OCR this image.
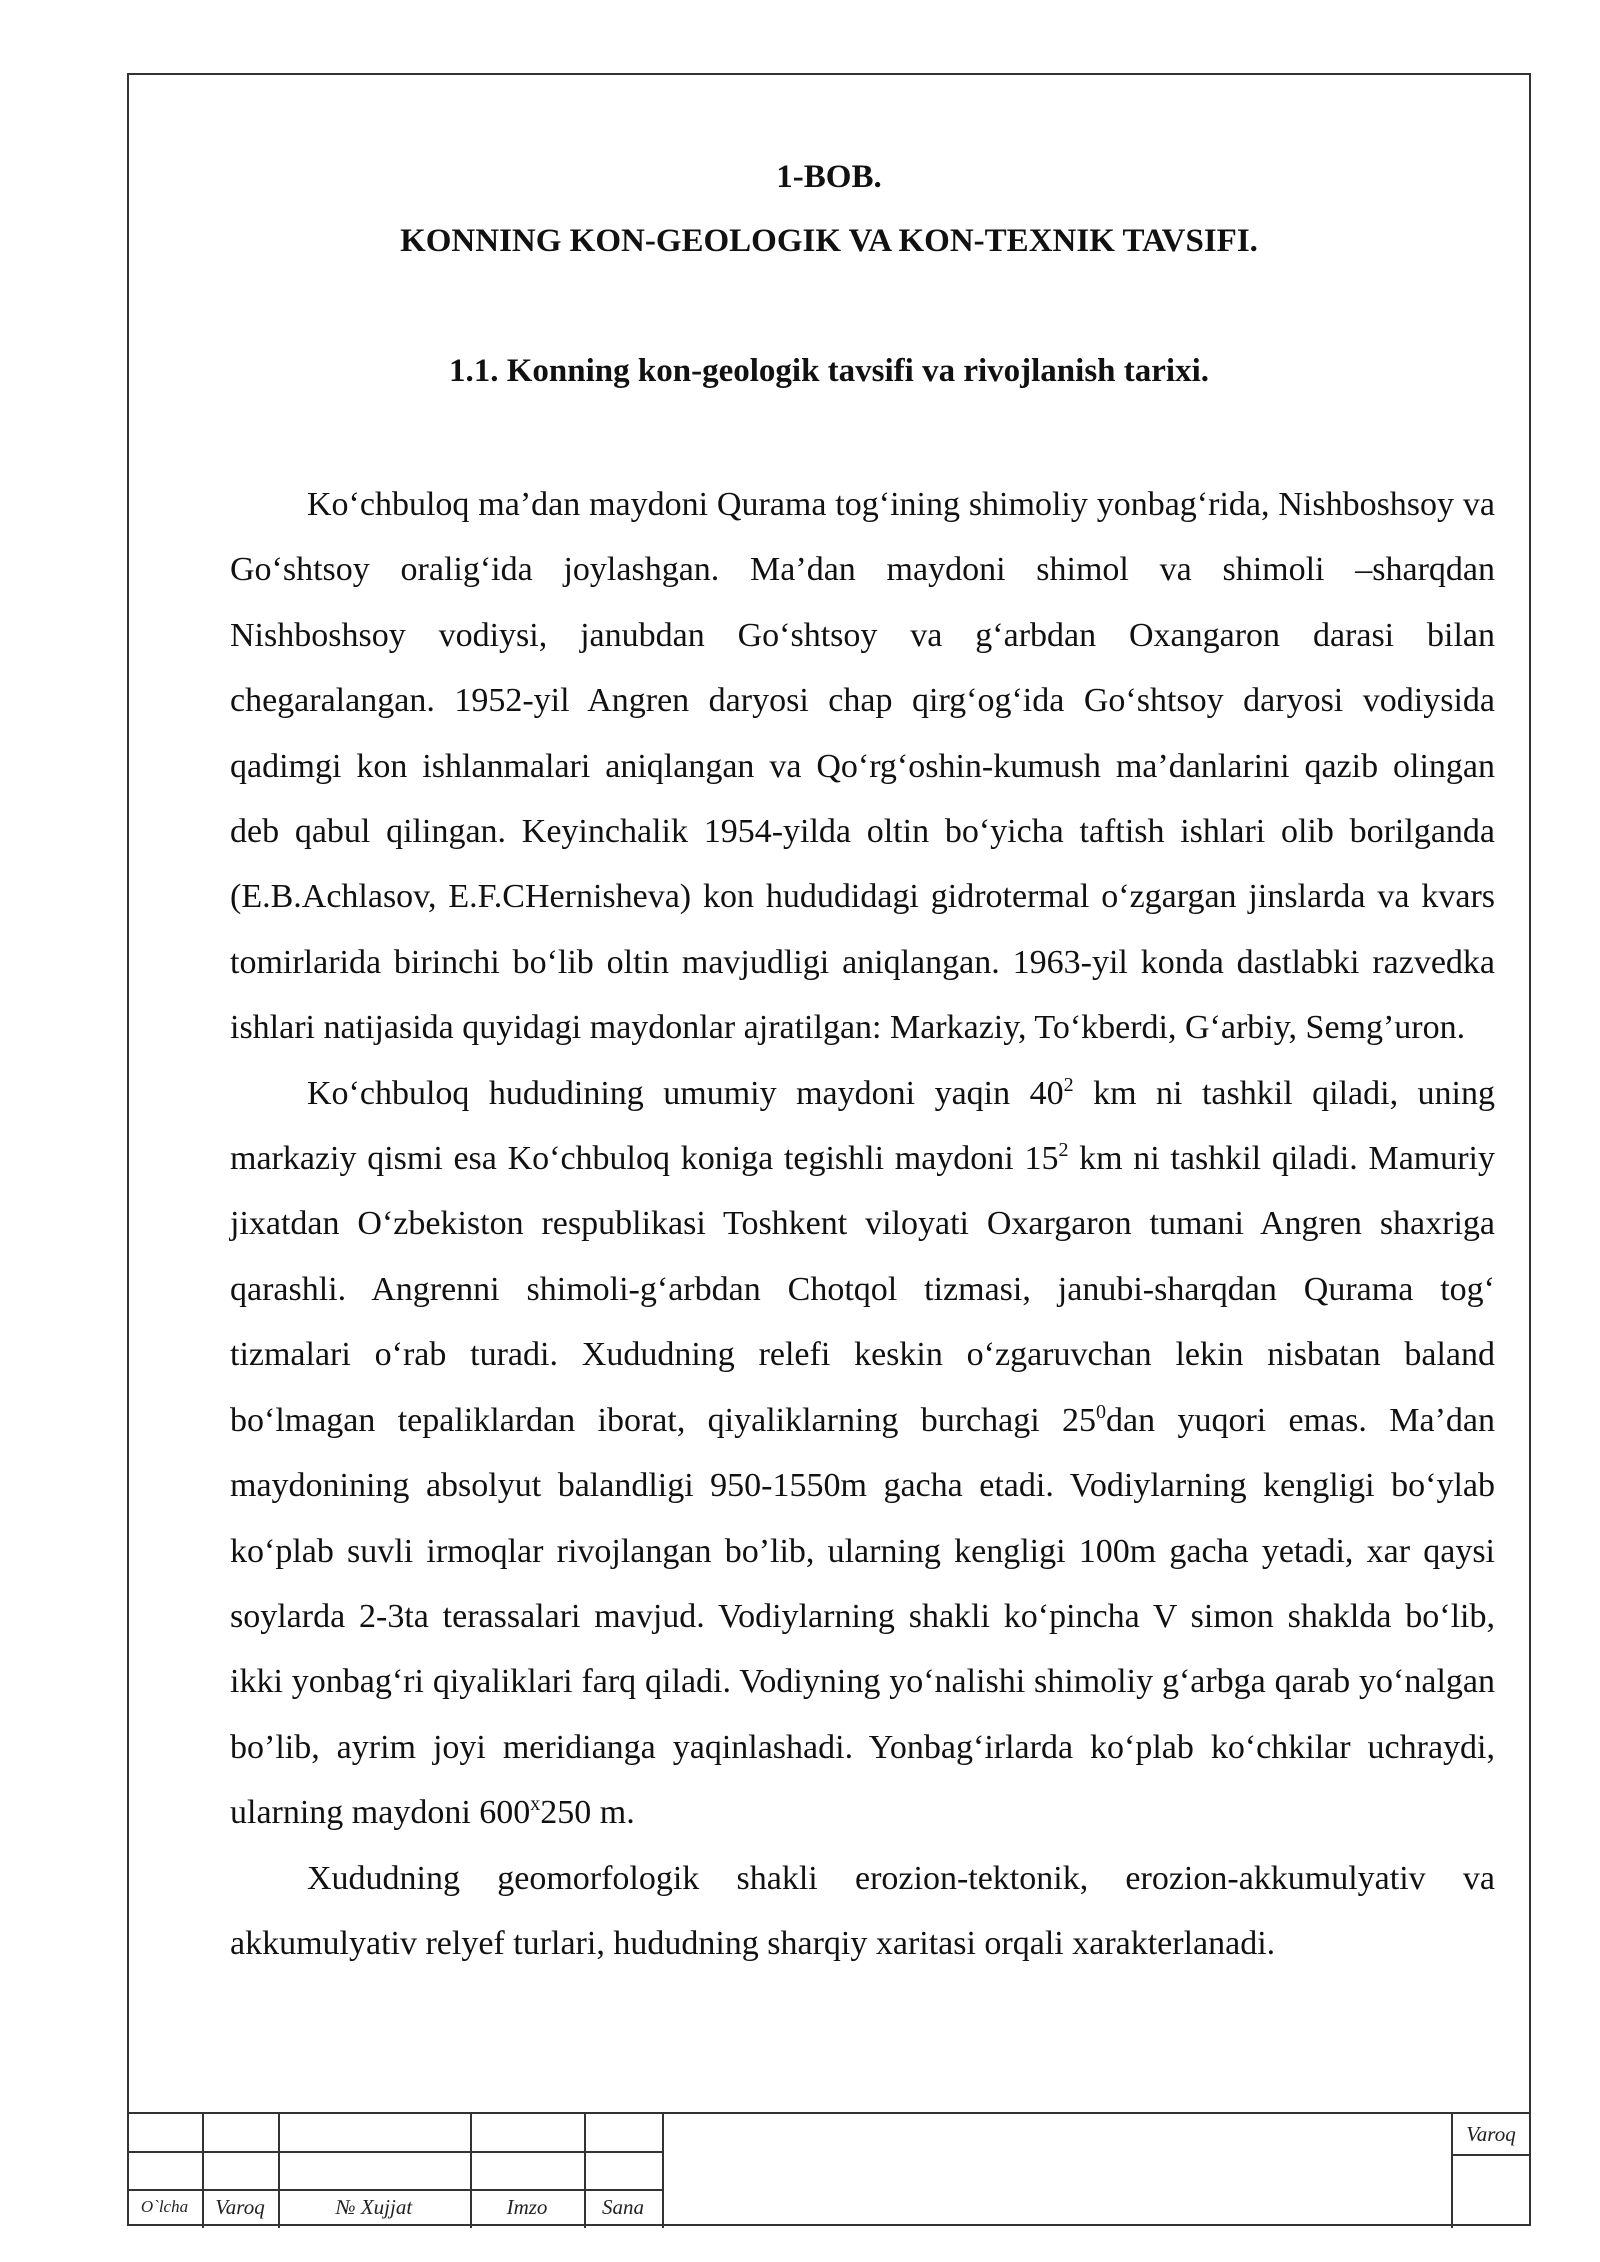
1-BOB.
KONNING KON-GEOLOGIK VA KON-TEXNIK TAVSIFI.
1.1. Konning kon-geologik tavsifi va rivojlanish tarixi.

Ko‘chbuloq ma’dan maydoni Qurama tog‘ining shimoliy yonbag‘rida, Nishboshsoy va Go‘shtsoy oralig‘ida joylashgan. Ma’dan maydoni shimol va shimoli –sharqdan Nishboshsoy vodiysi, janubdan Go‘shtsoy va g‘arbdan Oxangaron darasi bilan chegaralangan. 1952-yil Angren daryosi chap qirg‘og‘ida Go‘shtsoy daryosi vodiysida qadimgi kon ishlanmalari aniqlangan va Qo‘rg‘oshin-kumush ma’danlarini qazib olingan deb qabul qilingan. Keyinchalik 1954-yilda oltin bo‘yicha taftish ishlari olib borilganda (E.B.Achlasov, E.F.CHernisheva) kon hududidagi gidrotermal o‘zgargan jinslarda va kvars tomirlarida birinchi bo‘lib oltin mavjudligi aniqlangan. 1963-yil konda dastlabki razvedka ishlari natijasida quyidagi maydonlar ajratilgan: Markaziy, To‘kberdi, G‘arbiy, Semg’uron.

Ko‘chbuloq hududining umumiy maydoni yaqin $40^2$ km ni tashkil qiladi, uning markaziy qismi esa Ko‘chbuloq koniga tegishli maydoni $15^2$ km ni tashkil qiladi. Mamuriy jixatdan O‘zbekiston respublikasi Toshkent viloyati Oxargaron tumani Angren shaxriga qarashli. Angrenni shimoli-g‘arbdan Chotqol tizmasi, janubi-sharqdan Qurama tog‘ tizmalari o‘rab turadi. Xududning relefi keskin o‘zgaruvchan lekin nisbatan baland bo‘lmagan tepaliklardan iborat, qiyaliklarning burchagi $25^0dan$ yuqori emas. Ma’dan maydonining absolyut balandligi 950-1550m gacha etadi. Vodiylarning kengligi bo‘ylab ko‘plab suvli irmoqlar rivojlangan bo’lib, ularning kengligi 100m gacha yetadi, xar qaysi soylarda 2-3ta terassalari mavjud. Vodiylarning shakli ko‘pincha V simon shaklda bo‘lib, ikki yonbag‘ri qiyaliklari farq qiladi. Vodiyning yo‘nalishi shimoliy g‘arbga qarab yo‘nalgan bo’lib, ayrim joyi meridianga yaqinlashadi. Yonbag‘irlarda ko‘plab ko‘chkilar uchraydi, ularning maydoni 600$^x$250 m.

Xududning geomorfologik shakli erozion-tektonik, erozion-akkumulyativ va akkumulyativ relyef turlari, hududning sharqiy xaritasi orqali xarakterlanadi.

O`lcha	Varoq	№ Xujjat	Imzo	Sana
Varoq
